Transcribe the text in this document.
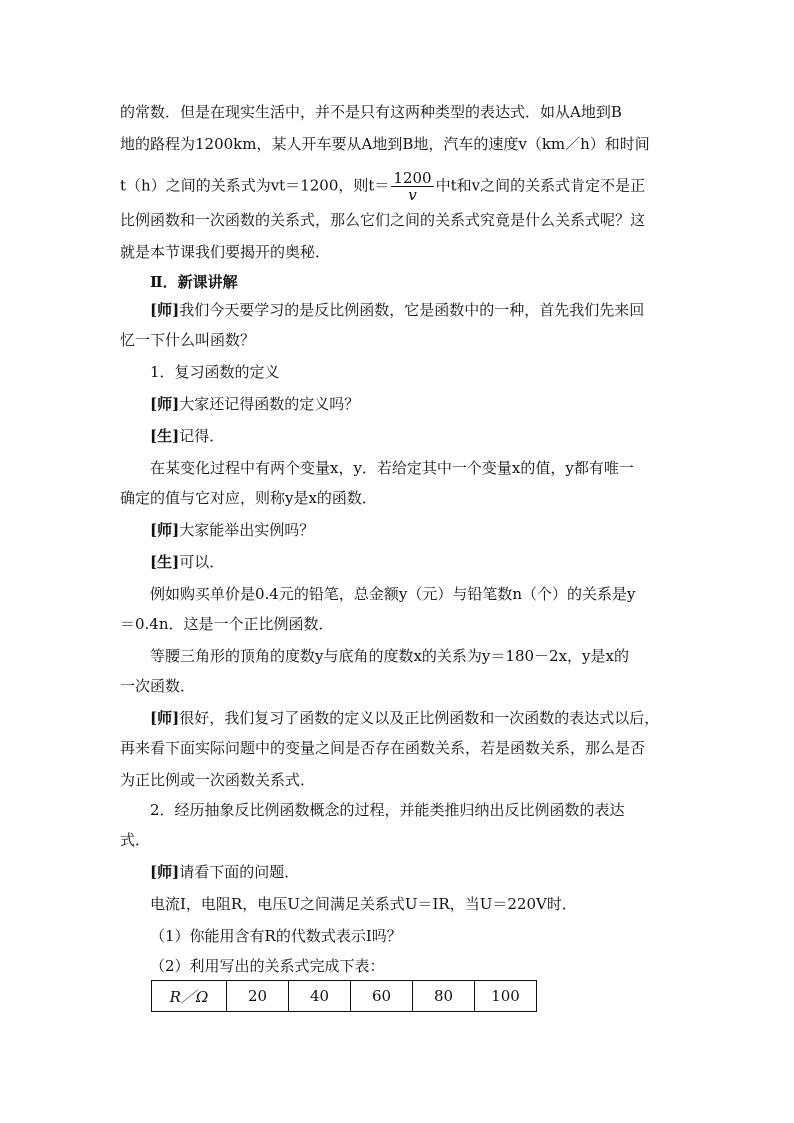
的常数．但是在现实生活中，并不是只有这两种类型的表达式．如从A地到B
地的路程为1200km，某人开车要从A地到B地，汽车的速度v（km／h）和时间
t（h）之间的关系式为vt＝1200，则$t= \frac{1200}{v}$ 中t和v之间的关系式肯定不是正
比例函数和一次函数的关系式，那么它们之间的关系式究竟是什么关系式呢？这
就是本节课我们要揭开的奥秘．
Ⅱ．新课讲解
[师]我们今天要学习的是反比例函数，它是函数中的一种，首先我们先来回
忆一下什么叫函数？
1．复习函数的定义
[师]大家还记得函数的定义吗？
[生]记得．
在某变化过程中有两个变量x，y．若给定其中一个变量x的值，y都有唯一
确定的值与它对应，则称y是x的函数．
[师]大家能举出实例吗？
[生]可以．
例如购买单价是0.4元的铅笔，总金额y（元）与铅笔数n（个）的关系是y
＝0.4n．这是一个正比例函数．
等腰三角形的顶角的度数y与底角的度数x的关系为y＝180－2x，y是x的
一次函数．
[师]很好，我们复习了函数的定义以及正比例函数和一次函数的表达式以后，
再来看下面实际问题中的变量之间是否存在函数关系，若是函数关系，那么是否
为正比例或一次函数关系式．
2．经历抽象反比例函数概念的过程，并能类推归纳出反比例函数的表达
式．
[师]请看下面的问题．
电流I，电阻R，电压U之间满足关系式U＝IR，当U＝220V时．
（1）你能用含有R的代数式表示I吗？
（2）利用写出的关系式完成下表：
R／Ω	20	40	60	80	100
